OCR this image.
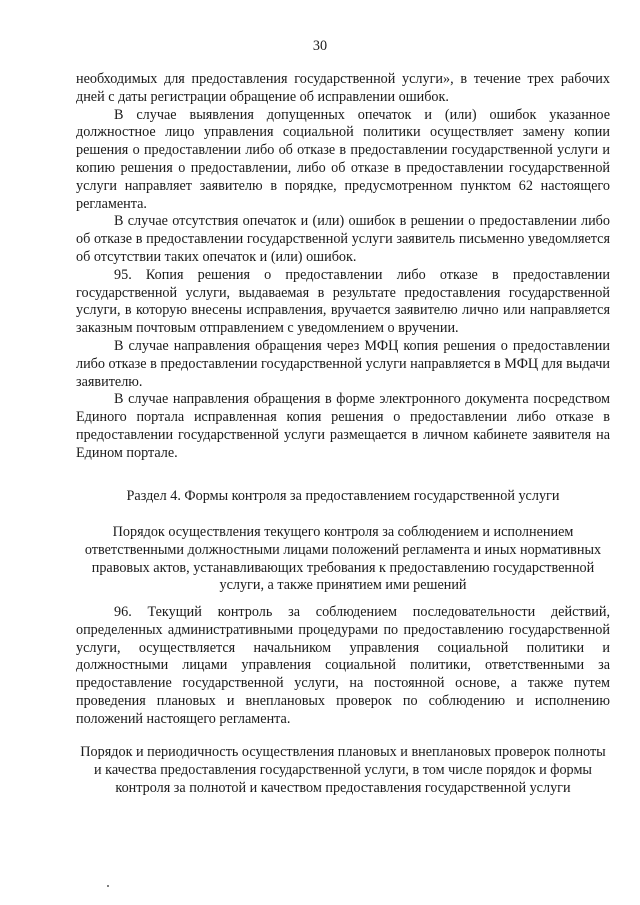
30

необходимых для предоставления государственной услуги», в течение трех рабочих дней с даты регистрации обращение об исправлении ошибок.

В случае выявления допущенных опечаток и (или) ошибок указанное должностное лицо управления социальной политики осуществляет замену копии решения о предоставлении либо об отказе в предоставлении государственной услуги и копию решения о предоставлении, либо об отказе в предоставлении государственной услуги направляет заявителю в порядке, предусмотренном пунктом 62 настоящего регламента.

В случае отсутствия опечаток и (или) ошибок в решении о предоставлении либо об отказе в предоставлении государственной услуги заявитель письменно уведомляется об отсутствии таких опечаток и (или) ошибок.

95. Копия решения о предоставлении либо отказе в предоставлении государственной услуги, выдаваемая в результате предоставления государственной услуги, в которую внесены исправления, вручается заявителю лично или направляется заказным почтовым отправлением с уведомлением о вручении.

В случае направления обращения через МФЦ копия решения о предоставлении либо отказе в предоставлении государственной услуги направляется в МФЦ для выдачи заявителю.

В случае направления обращения в форме электронного документа посредством Единого портала исправленная копия решения о предоставлении либо отказе в предоставлении государственной услуги размещается в личном кабинете заявителя на Едином портале.

Раздел 4. Формы контроля за предоставлением государственной услуги

Порядок осуществления текущего контроля за соблюдением и исполнением ответственными должностными лицами положений регламента и иных нормативных правовых актов, устанавливающих требования к предоставлению государственной услуги, а также принятием ими решений

96. Текущий контроль за соблюдением последовательности действий, определенных административными процедурами по предоставлению государственной услуги, осуществляется начальником управления социальной политики и должностными лицами управления социальной политики, ответственными за предоставление государственной услуги, на постоянной основе, а также путем проведения плановых и внеплановых проверок по соблюдению и исполнению положений настоящего регламента.

Порядок и периодичность осуществления плановых и внеплановых проверок полноты и качества предоставления государственной услуги, в том числе порядок и формы контроля за полнотой и качеством предоставления государственной услуги
